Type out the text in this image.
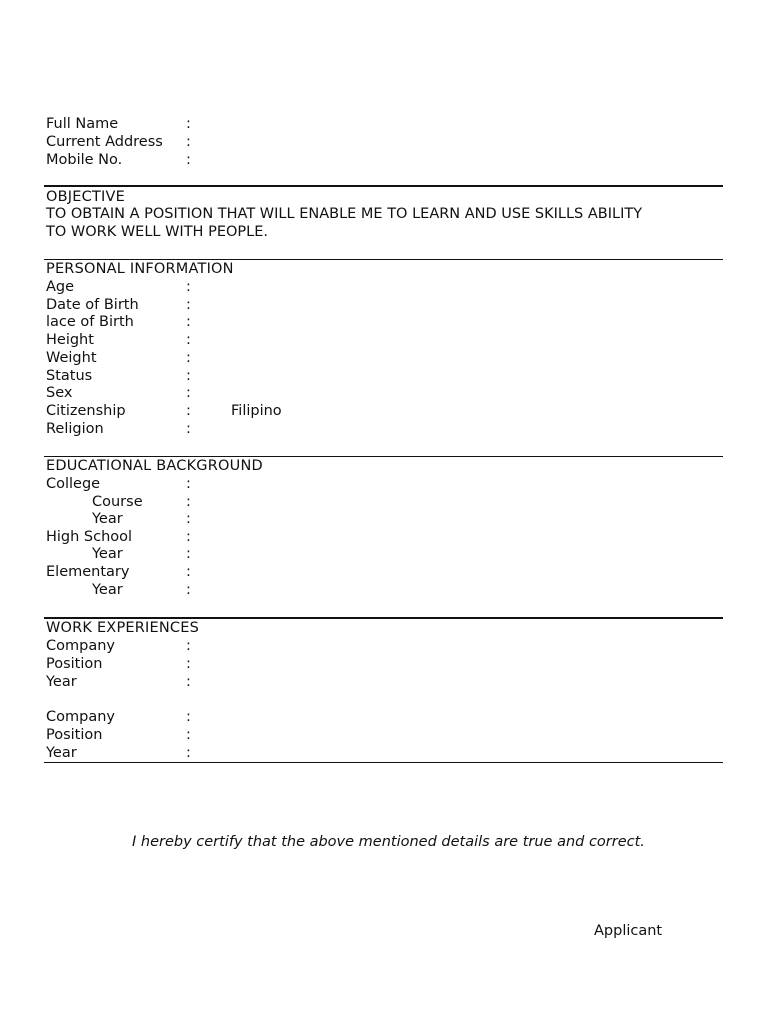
Full Name	:
Current Address :
Mobile No.	:
OBJECTIVE
TO OBTAIN A POSITION THAT WILL ENABLE ME TO LEARN AND USE SKILLS ABILITY
TO WORK WELL WITH PEOPLE.
PERSONAL INFORMATION
Age	:
Date of Birth	:
lace of Birth	:
Height	:
Weight	:
Status	:
Sex	:
Citizenship	:	Filipino
Religion	:
EDUCATIONAL BACKGROUND
College	:
Course	:
Year	:
High School	:
Year	:
Elementary	:
Year	:
WORK EXPERIENCES
Company	:
Position	:
Year	:
Company	:
Position	:
Year	:
I hereby certify that the above mentioned details are true and correct.
Applicant
